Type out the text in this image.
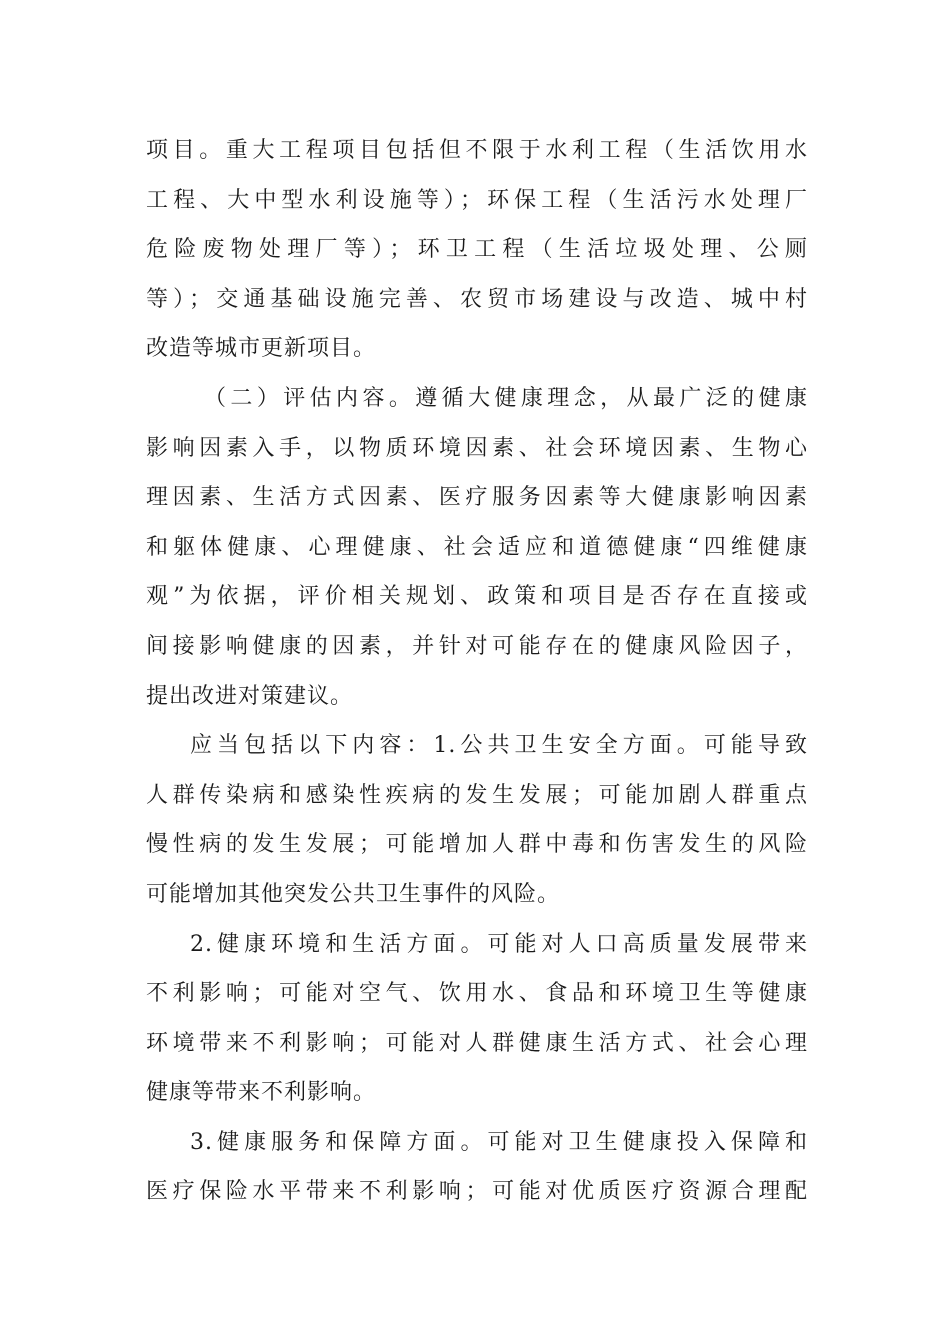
项目。重大工程项目包括但不限于水利工程（生活饮用水
工程、大中型水利设施等）；环保工程（生活污水处理厂
危险废物处理厂等）；环卫工程（生活垃圾处理、公厕
等）；交通基础设施完善、农贸市场建设与改造、城中村
改造等城市更新项目。
（二）评估内容。遵循大健康理念，从最广泛的健康
影响因素入手，以物质环境因素、社会环境因素、生物心
理因素、生活方式因素、医疗服务因素等大健康影响因素
和躯体健康、心理健康、社会适应和道德健康“四维健康
观”为依据，评价相关规划、政策和项目是否存在直接或
间接影响健康的因素，并针对可能存在的健康风险因子，
提出改进对策建议。
应当包括以下内容：1.公共卫生安全方面。可能导致
人群传染病和感染性疾病的发生发展；可能加剧人群重点
慢性病的发生发展；可能增加人群中毒和伤害发生的风险
可能增加其他突发公共卫生事件的风险。
2.健康环境和生活方面。可能对人口高质量发展带来
不利影响；可能对空气、饮用水、食品和环境卫生等健康
环境带来不利影响；可能对人群健康生活方式、社会心理
健康等带来不利影响。
3.健康服务和保障方面。可能对卫生健康投入保障和
医疗保险水平带来不利影响；可能对优质医疗资源合理配
